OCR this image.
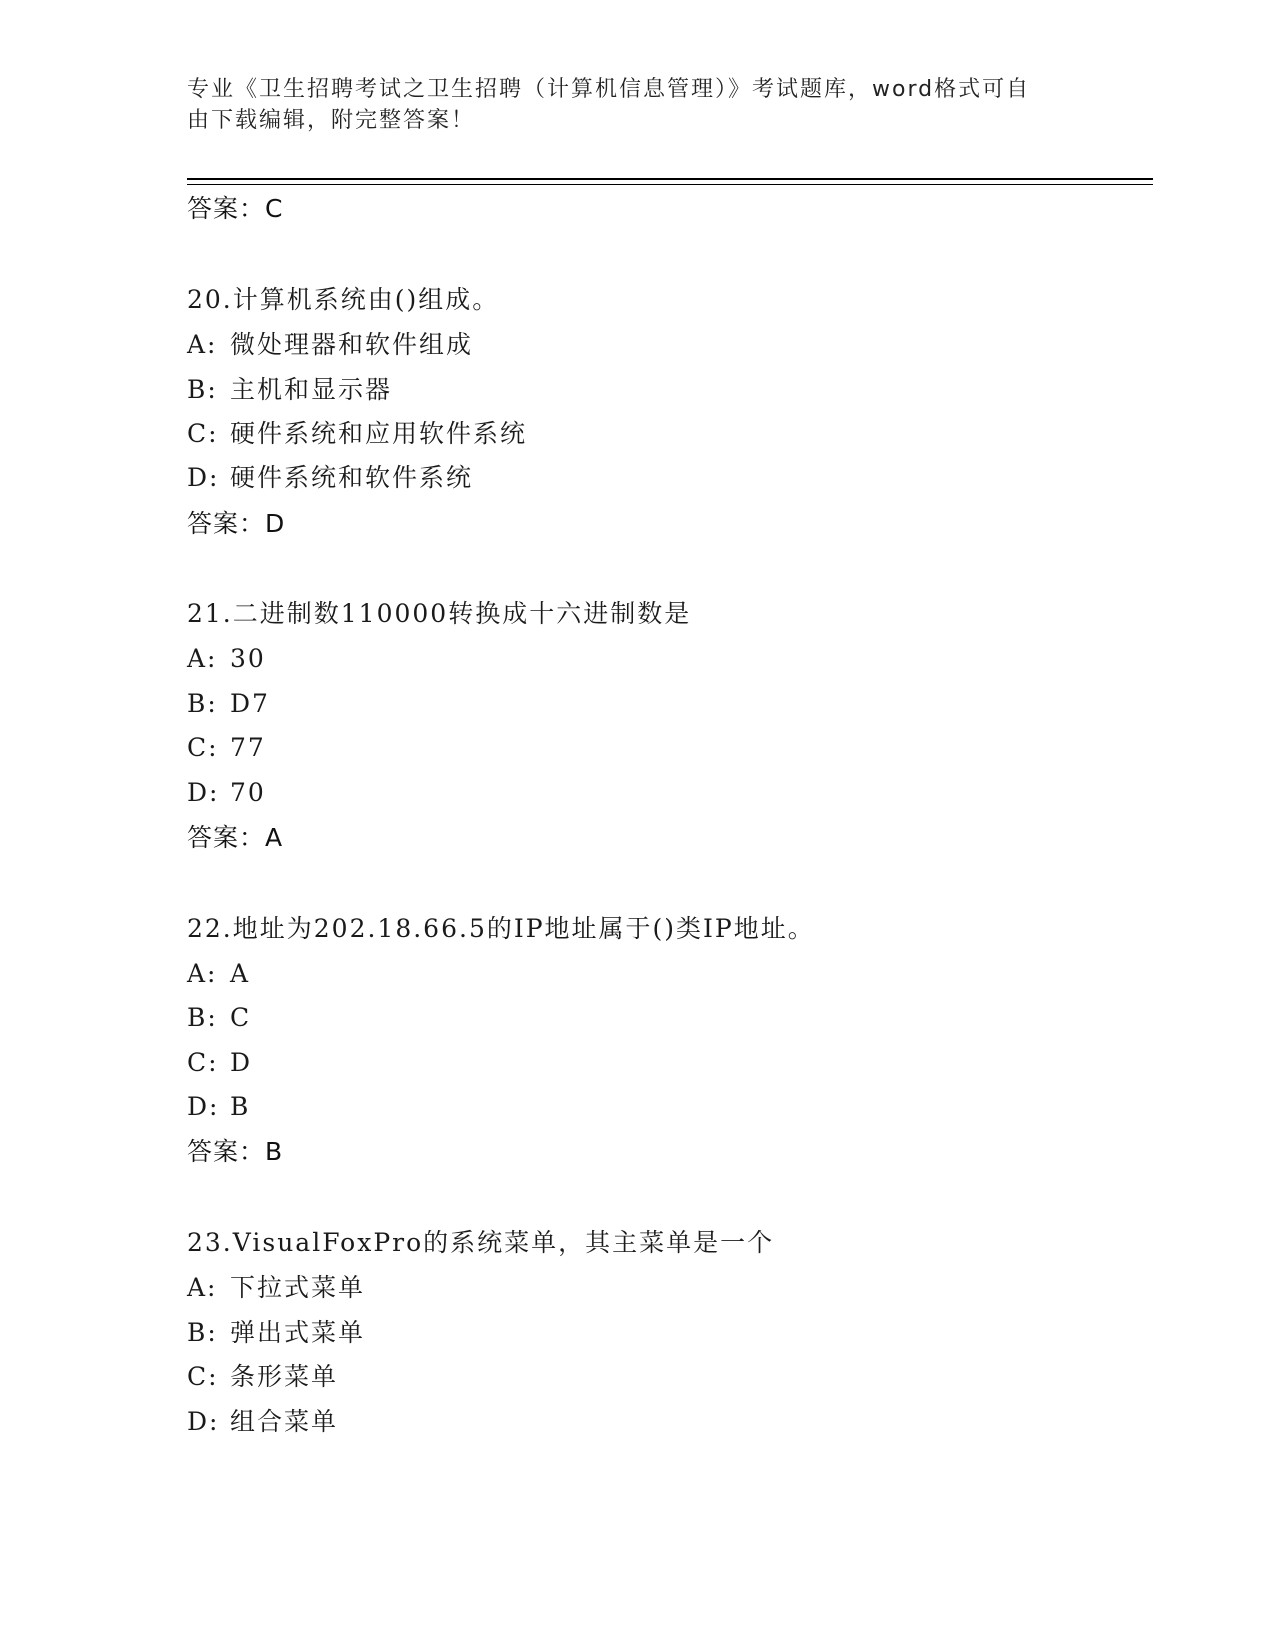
专业《卫生招聘考试之卫生招聘（计算机信息管理）》考试题库，word格式可自
由下载编辑，附完整答案！
答案：C
20.计算机系统由()组成。
A: 微处理器和软件组成
B: 主机和显示器
C: 硬件系统和应用软件系统
D: 硬件系统和软件系统
答案：D
21.二进制数110000转换成十六进制数是
A: 30
B: D7
C: 77
D: 70
答案：A
22.地址为202.18.66.5的IP地址属于()类IP地址。
A: A
B: C
C: D
D: B
答案：B
23.VisualFoxPro的系统菜单，其主菜单是一个
A: 下拉式菜单
B: 弹出式菜单
C: 条形菜单
D: 组合菜单
